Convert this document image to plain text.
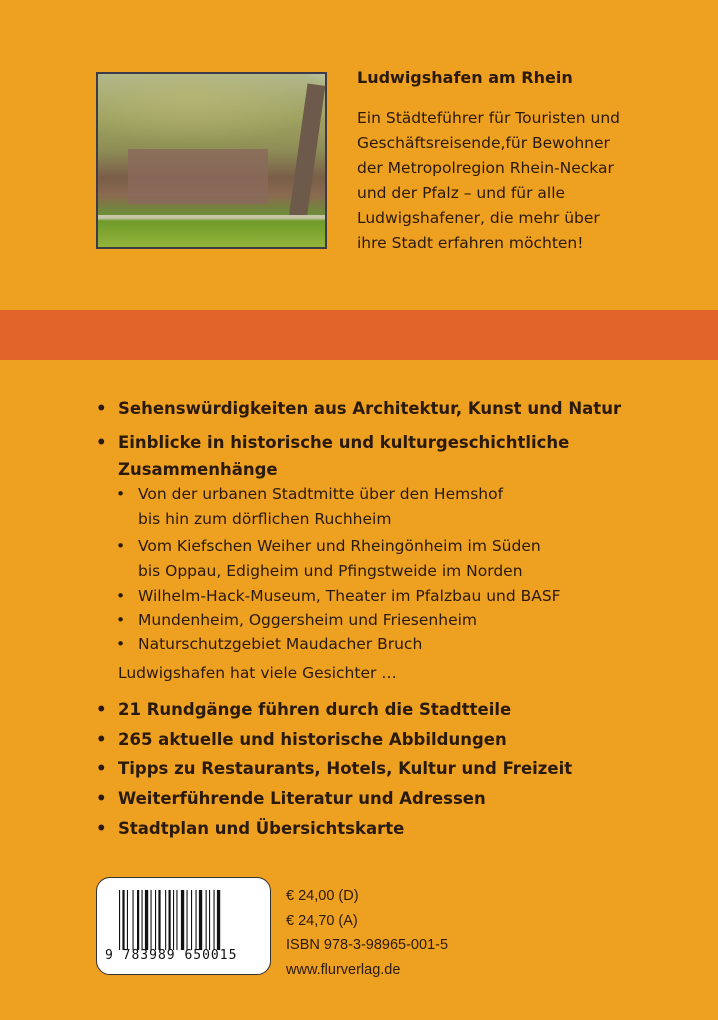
Ludwigshafen am Rhein
Ein Städteführer für Touristen und
Geschäftsreisende,für Bewohner
der Metropolregion Rhein-Neckar
und der Pfalz – und für alle
Ludwigshafener, die mehr über
ihre Stadt erfahren möchten!
• Sehenswürdigkeiten aus Architektur, Kunst und Natur
• Einblicke in historische und kulturgeschichtliche
Zusammenhänge
• Von der urbanen Stadtmitte über den Hemshof
bis hin zum dörflichen Ruchheim
• Vom Kiefschen Weiher und Rheingönheim im Süden
bis Oppau, Edigheim und Pfingstweide im Norden
• Wilhelm-Hack-Museum, Theater im Pfalzbau und BASF
• Mundenheim, Oggersheim und Friesenheim
• Naturschutzgebiet Maudacher Bruch
Ludwigshafen hat viele Gesichter …
• 21 Rundgänge führen durch die Stadtteile
• 265 aktuelle und historische Abbildungen
• Tipps zu Restaurants, Hotels, Kultur und Freizeit
• Weiterführende Literatur und Adressen
• Stadtplan und Übersichtskarte
9 783989 650015
€ 24,00 (D)
€ 24,70 (A)
ISBN 978-3-98965-001-5
www.flurverlag.de
